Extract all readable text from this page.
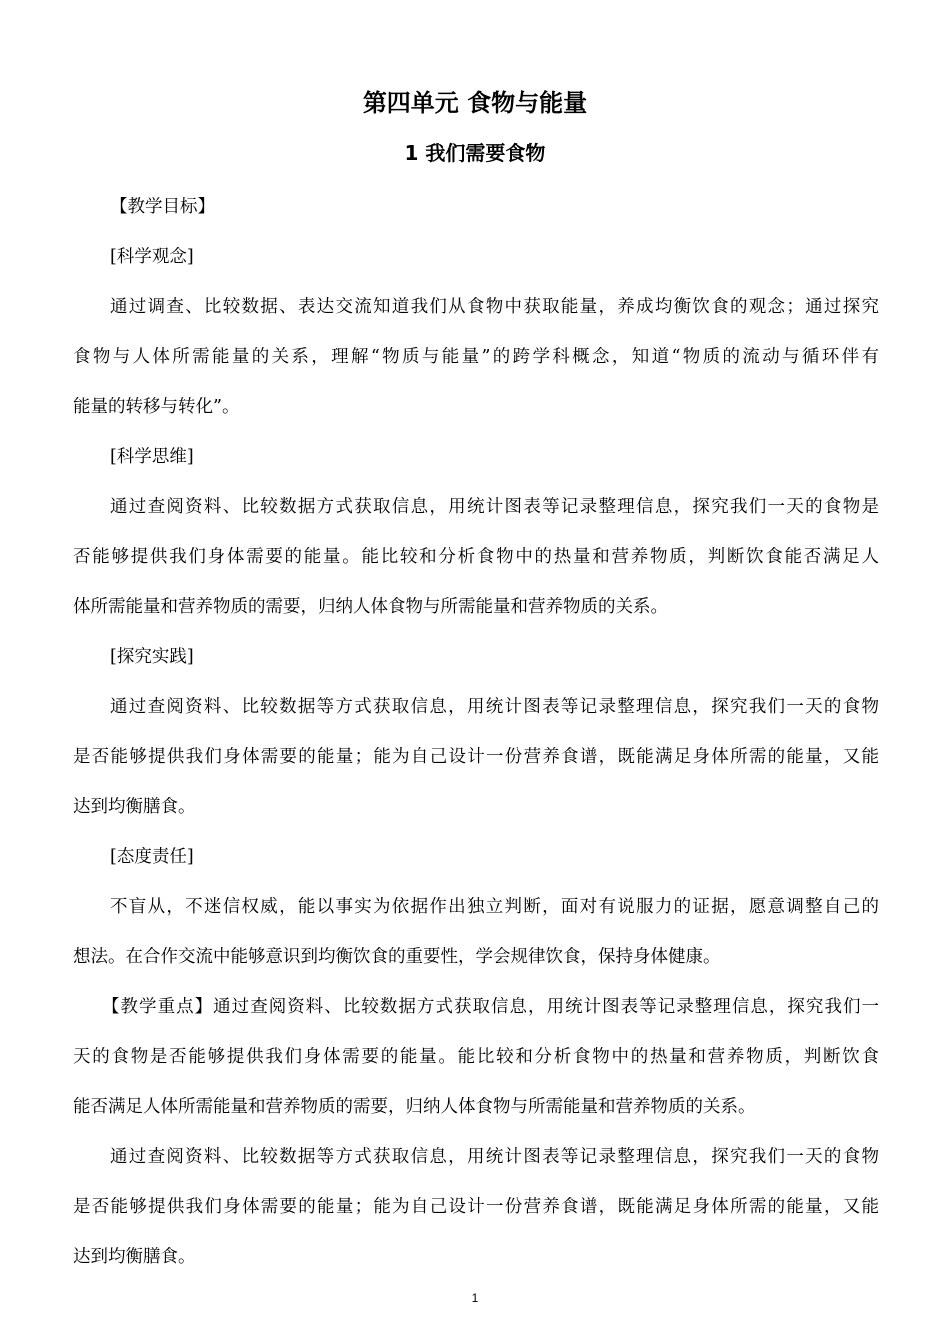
第四单元 食物与能量
1 我们需要食物
【教学目标】
[科学观念]
通过调查、比较数据、表达交流知道我们从食物中获取能量，养成均衡饮食的观念；通过探究
食物与人体所需能量的关系，理解“物质与能量”的跨学科概念，知道“物质的流动与循环伴有
能量的转移与转化”。
[科学思维]
通过查阅资料、比较数据方式获取信息，用统计图表等记录整理信息，探究我们一天的食物是
否能够提供我们身体需要的能量。能比较和分析食物中的热量和营养物质，判断饮食能否满足人
体所需能量和营养物质的需要，归纳人体食物与所需能量和营养物质的关系。
[探究实践]
通过查阅资料、比较数据等方式获取信息，用统计图表等记录整理信息，探究我们一天的食物
是否能够提供我们身体需要的能量；能为自己设计一份营养食谱，既能满足身体所需的能量，又能
达到均衡膳食。
[态度责任]
不盲从，不迷信权威，能以事实为依据作出独立判断，面对有说服力的证据，愿意调整自己的
想法。在合作交流中能够意识到均衡饮食的重要性，学会规律饮食，保持身体健康。
【教学重点】通过查阅资料、比较数据方式获取信息，用统计图表等记录整理信息，探究我们一
天的食物是否能够提供我们身体需要的能量。能比较和分析食物中的热量和营养物质，判断饮食
能否满足人体所需能量和营养物质的需要，归纳人体食物与所需能量和营养物质的关系。
通过查阅资料、比较数据等方式获取信息，用统计图表等记录整理信息，探究我们一天的食物
是否能够提供我们身体需要的能量；能为自己设计一份营养食谱，既能满足身体所需的能量，又能
达到均衡膳食。
1
